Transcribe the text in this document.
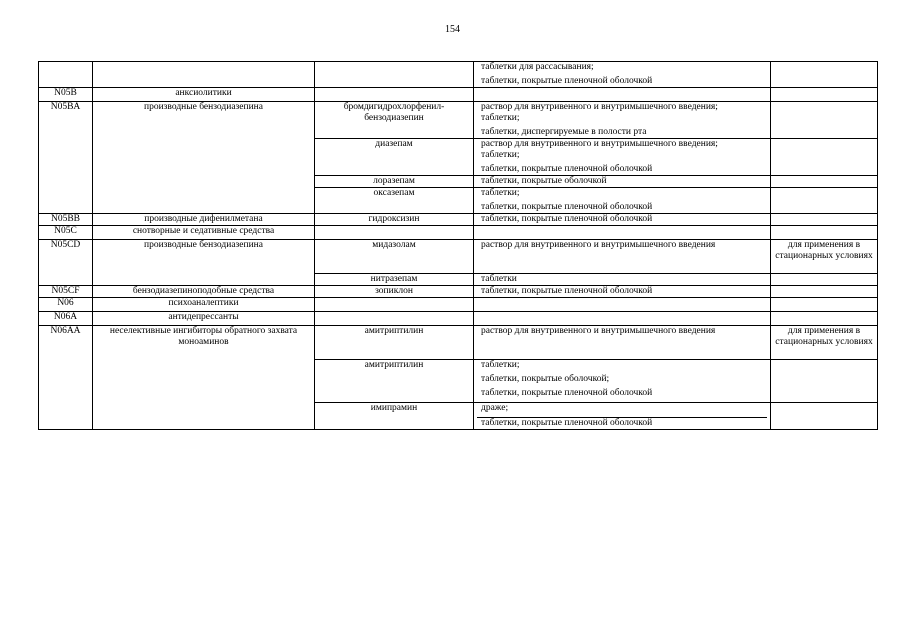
154

			таблетки для рассасывания;
таблетки, покрытые пленочной оболочкой	

N05B	анксиолитики			
N05BA	производные бензодиазепина	бромдигидрохлорфенил-
бензодиазепин	раствор для внутривенного и внутримышечного введения;
таблетки;
таблетки, диспергируемые в полости рта	

		диазепам	раствор для внутривенного и внутримышечного введения;
таблетки;
таблетки, покрытые пленочной оболочкой	

		лоразепам	таблетки, покрытые оболочкой	

		оксазепам	таблетки;
таблетки, покрытые пленочной оболочкой	

N05BB	производные дифенилметана	гидроксизин	таблетки, покрытые пленочной оболочкой	

N05C	снотворные и седативные средства			
N05CD	производные бензодиазепина	мидазолам	раствор для внутривенного и внутримышечного введения	для применения в стационарных условиях
		нитразепам	таблетки	

N05CF	бензодиазепиноподобные средства	зопиклон	таблетки, покрытые пленочной оболочкой	

N06	психоаналептики			
N06A	антидепрессанты			
N06AA	неселективные ингибиторы обратного захвата моноаминов	амитриптилин	раствор для внутривенного и внутримышечного введения	для применения в стационарных условиях
		амитриптилин	таблетки;
таблетки, покрытые оболочкой;
таблетки, покрытые пленочной оболочкой	

		имипрамин	драже;
таблетки, покрытые пленочной оболочкой	
